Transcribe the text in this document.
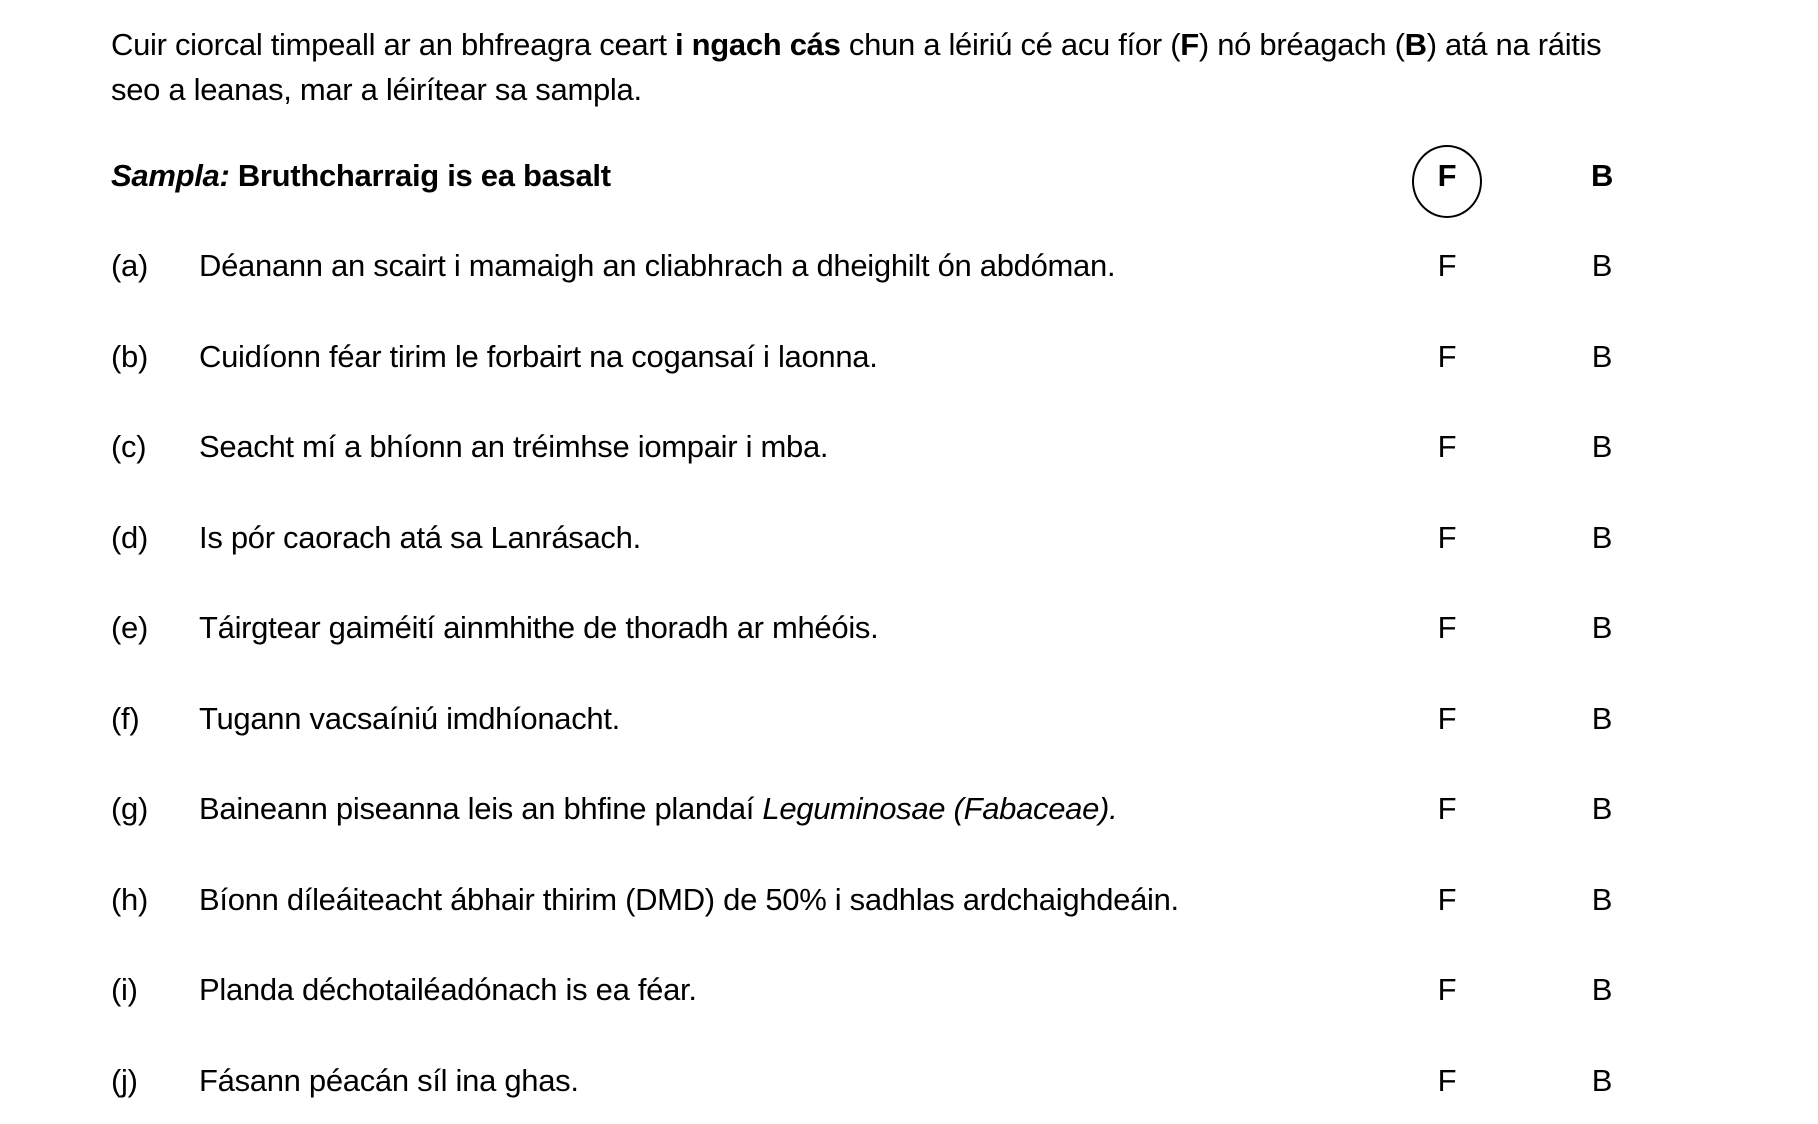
Cuir ciorcal timpeall ar an bhfreagra ceart i ngach cás chun a léiriú cé acu fíor (F) nó bréagach (B) atá na ráitis seo a leanas, mar a léirítear sa sampla.
Sampla: Bruthcharraig is ea basalt	F	B
(a) Déanann an scairt i mamaigh an cliabhrach a dheighilt ón abdóman.	F	B
(b) Cuidíonn féar tirim le forbairt na cogansaí i laonna.	F	B
(c) Seacht mí a bhíonn an tréimhse iompair i mba.	F	B
(d) Is pór caorach atá sa Lanrásach.	F	B
(e) Táirgtear gaiméití ainmhithe de thoradh ar mhéóis.	F	B
(f) Tugann vacsaíniú imdhíonacht.	F	B
(g) Baineann piseanna leis an bhfine plandaí Leguminosae (Fabaceae).	F	B
(h) Bíonn díleáiteacht ábhair thirim (DMD) de 50% i sadhlas ardchaighdeáin.	F	B
(i) Planda déchotailéadónach is ea féar.	F	B
(j) Fásann péacán síl ina ghas.	F	B
